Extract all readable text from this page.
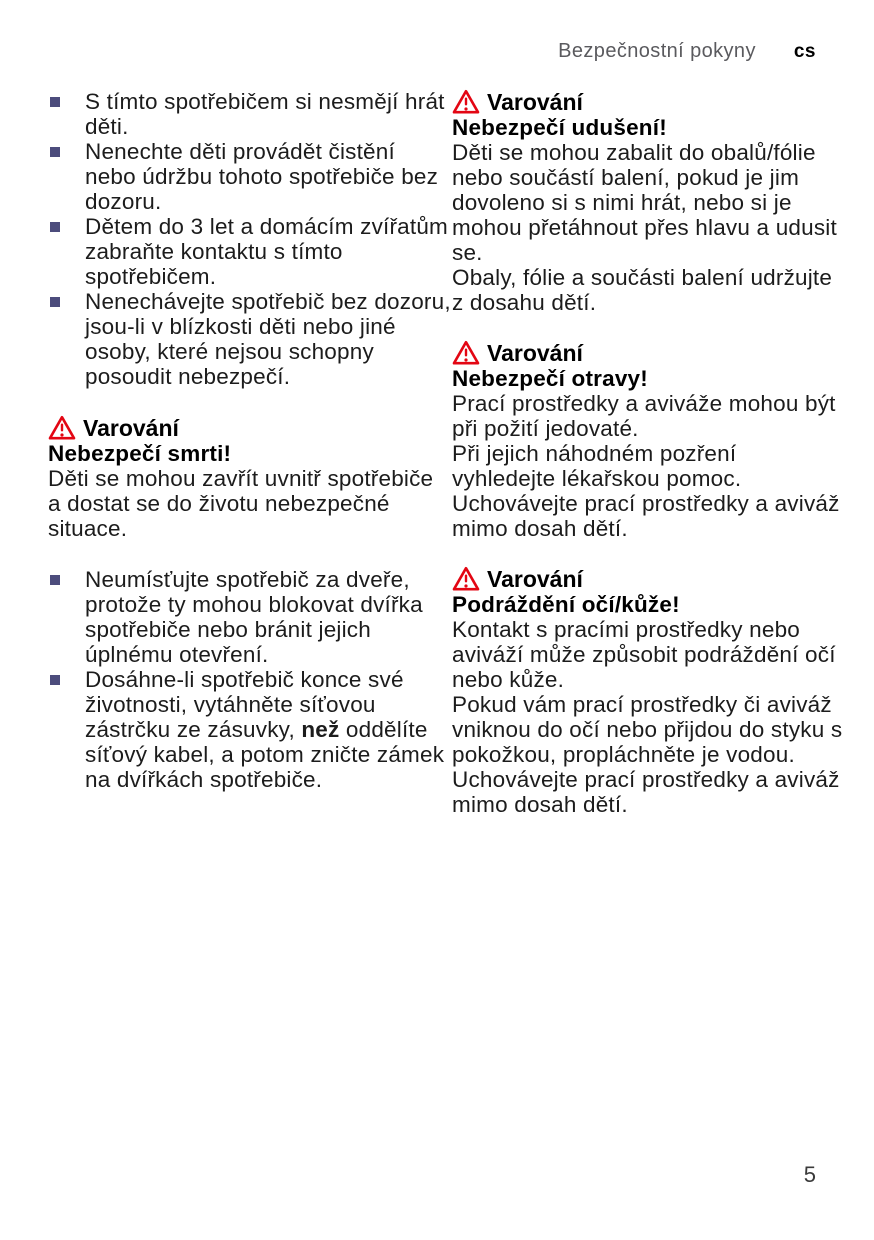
Bezpečnostní pokyny cs
S tímto spotřebičem si nesmějí hrát děti.
Nenechte děti provádět čistění nebo údržbu tohoto spotřebiče bez dozoru.
Dětem do 3 let a domácím zvířatům zabraňte kontaktu s tímto spotřebičem.
Nenechávejte spotřebič bez dozoru, jsou-li v blízkosti děti nebo jiné osoby, které nejsou schopny posoudit nebezpečí.
Varování
Nebezpečí smrti!

Děti se mohou zavřít uvnitř spotřebiče a dostat se do životu nebezpečné situace.

Neumísťujte spotřebič za dveře, protože ty mohou blokovat dvířka spotřebiče nebo bránit jejich úplnému otevření.
Dosáhne-li spotřebič konce své životnosti, vytáhněte síťovou zástrčku ze zásuvky, než oddělíte síťový kabel, a potom zničte zámek na dvířkách spotřebiče.
Varování
Nebezpečí udušení!

Děti se mohou zabalit do obalů/fólie nebo součástí balení, pokud je jim dovoleno si s nimi hrát, nebo si je mohou přetáhnout přes hlavu a udusit se.

Obaly, fólie a součásti balení udržujte z dosahu dětí.

Varování
Nebezpečí otravy!

Prací prostředky a aviváže mohou být při požití jedovaté.

Při jejich náhodném pozření vyhledejte lékařskou pomoc.

Uchovávejte prací prostředky a aviváž mimo dosah dětí.

Varování
Podráždění očí/kůže!

Kontakt s pracími prostředky nebo aviváží může způsobit podráždění očí nebo kůže.

Pokud vám prací prostředky či aviváž vniknou do očí nebo přijdou do styku s pokožkou, propláchněte je vodou.

Uchovávejte prací prostředky a aviváž mimo dosah dětí.

5
